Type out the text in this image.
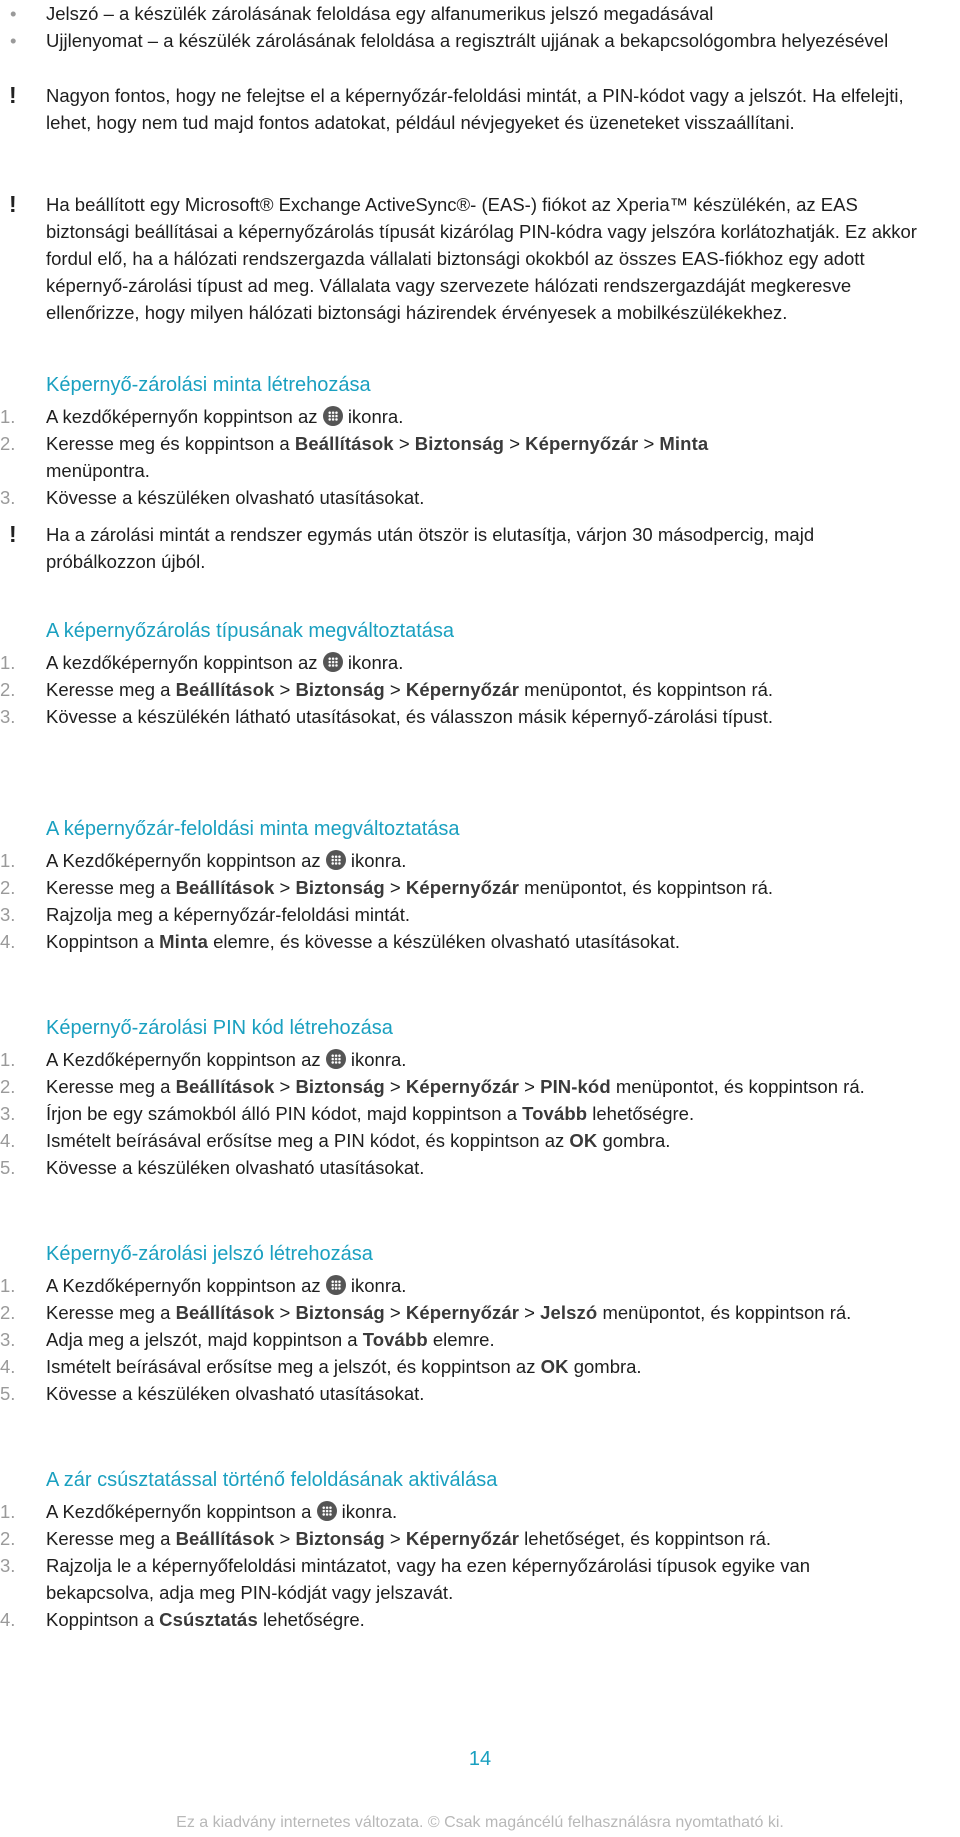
• Jelszó – a készülék zárolásának feloldása egy alfanumerikus jelszó megadásával
• Ujjlenyomat – a készülék zárolásának feloldása a regisztrált ujjának a bekapcsológombra helyezésével
! Nagyon fontos, hogy ne felejtse el a képernyőzár-feloldási mintát, a PIN-kódot vagy a jelszót. Ha elfelejti, lehet, hogy nem tud majd fontos adatokat, például névjegyeket és üzeneteket visszaállítani.
! Ha beállított egy Microsoft® Exchange ActiveSync®- (EAS-) fiókot az Xperia™ készülékén, az EAS biztonsági beállításai a képernyőzárolás típusát kizárólag PIN-kódra vagy jelszóra korlátozhatják. Ez akkor fordul elő, ha a hálózati rendszergazda vállalati biztonsági okokból az összes EAS-fiókhoz egy adott képernyő-zárolási típust ad meg. Vállalata vagy szervezete hálózati rendszergazdáját megkeresve ellenőrizze, hogy milyen hálózati biztonsági házirendek érvényesek a mobilkészülékekhez.
Képernyő-zárolási minta létrehozása
1.	A kezdőképernyőn koppintson az ikonra.
2.	Keresse meg és koppintson a Beállítások > Biztonság > Képernyőzár > Minta
menüpontra.
3.	Kövesse a készüléken olvasható utasításokat.
! Ha a zárolási mintát a rendszer egymás után ötször is elutasítja, várjon 30 másodpercig, majd próbálkozzon újból.
A képernyőzárolás típusának megváltoztatása
1.	A kezdőképernyőn koppintson az ikonra.
2.	Keresse meg a Beállítások > Biztonság > Képernyőzár menüpontot, és koppintson rá.
3.	Kövesse a készülékén látható utasításokat, és válasszon másik képernyő-zárolási típust.
A képernyőzár-feloldási minta megváltoztatása
1.	A Kezdőképernyőn koppintson az ikonra.
2.	Keresse meg a Beállítások > Biztonság > Képernyőzár menüpontot, és koppintson rá.
3.	Rajzolja meg a képernyőzár-feloldási mintát.
4.	Koppintson a Minta elemre, és kövesse a készüléken olvasható utasításokat.
Képernyő-zárolási PIN kód létrehozása
1.	A Kezdőképernyőn koppintson az ikonra.
2.	Keresse meg a Beállítások > Biztonság > Képernyőzár > PIN-kód menüpontot, és koppintson rá.
3.	Írjon be egy számokból álló PIN kódot, majd koppintson a Tovább lehetőségre.
4.	Ismételt beírásával erősítse meg a PIN kódot, és koppintson az OK gombra.
5.	Kövesse a készüléken olvasható utasításokat.
Képernyő-zárolási jelszó létrehozása
1.	A Kezdőképernyőn koppintson az ikonra.
2.	Keresse meg a Beállítások > Biztonság > Képernyőzár > Jelszó menüpontot, és koppintson rá.
3.	Adja meg a jelszót, majd koppintson a Tovább elemre.
4.	Ismételt beírásával erősítse meg a jelszót, és koppintson az OK gombra.
5.	Kövesse a készüléken olvasható utasításokat.
A zár csúsztatással történő feloldásának aktiválása
1.	A Kezdőképernyőn koppintson a ikonra.
2.	Keresse meg a Beállítások > Biztonság > Képernyőzár lehetőséget, és koppintson rá.
3.	Rajzolja le a képernyőfeloldási mintázatot, vagy ha ezen képernyőzárolási típusok egyike van bekapcsolva, adja meg PIN-kódját vagy jelszavát.
4.	Koppintson a Csúsztatás lehetőségre.
14
Ez a kiadvány internetes változata. © Csak magáncélú felhasználásra nyomtatható ki.
